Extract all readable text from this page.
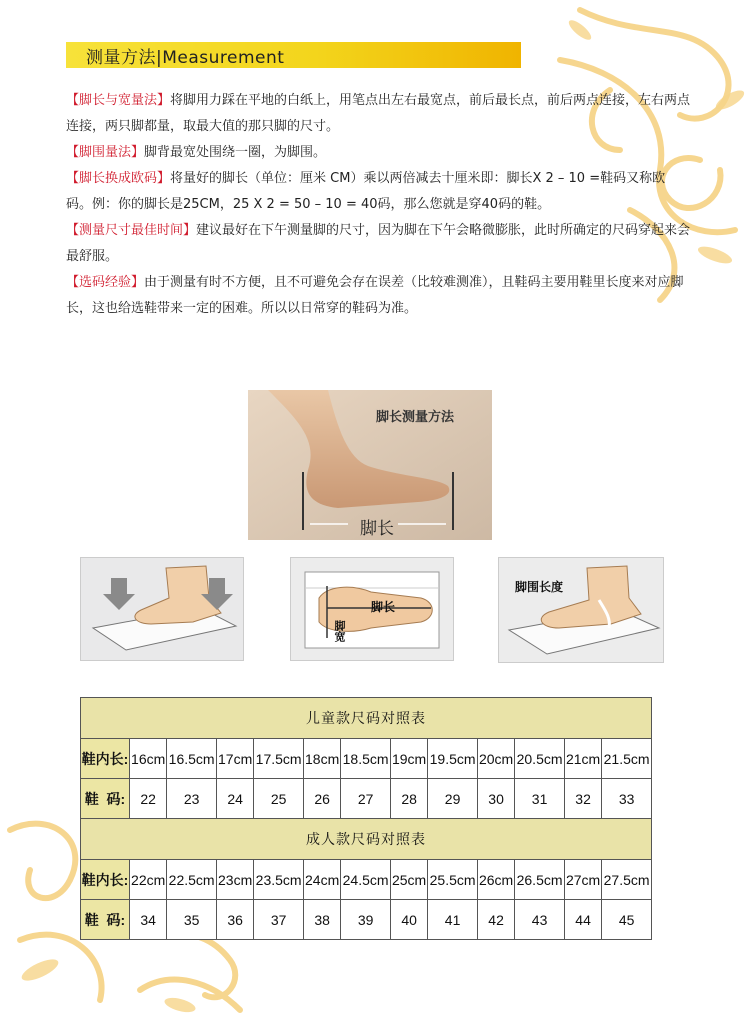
测量方法|Measurement

【脚长与宽量法】将脚用力踩在平地的白纸上，用笔点出左右最宽点，前后最长点，前后两点连接，左右两点连接，两只脚都量，取最大值的那只脚的尺寸。

【脚围量法】脚背最宽处围绕一圈，为脚围。

【脚长换成欧码】将量好的脚长（单位：厘米 CM）乘以两倍减去十厘米即：脚长X 2 – 10 =鞋码又称欧码。例：你的脚长是25CM，25 X 2 = 50 – 10 = 40码，那么您就是穿40码的鞋。

【测量尺寸最佳时间】建议最好在下午测量脚的尺寸，因为脚在下午会略微膨胀，此时所确定的尺码穿起来会最舒服。

【选码经验】由于测量有时不方便，且不可避免会存在误差（比较难测准），且鞋码主要用鞋里长度来对应脚长，这也给选鞋带来一定的困难。所以以日常穿的鞋码为准。

脚长测量方法
脚长
脚长
脚宽
脚围长度
儿童款尺码对照表												
鞋内长:	16cm	16.5cm	17cm	17.5cm	18cm	18.5cm	19cm	19.5cm	20cm	20.5cm	21cm	21.5cm
鞋  码:	22	23	24	25	26	27	28	29	30	31	32	33
成人款尺码对照表												
鞋内长:	22cm	22.5cm	23cm	23.5cm	24cm	24.5cm	25cm	25.5cm	26cm	26.5cm	27cm	27.5cm
鞋  码:	34	35	36	37	38	39	40	41	42	43	44	45
